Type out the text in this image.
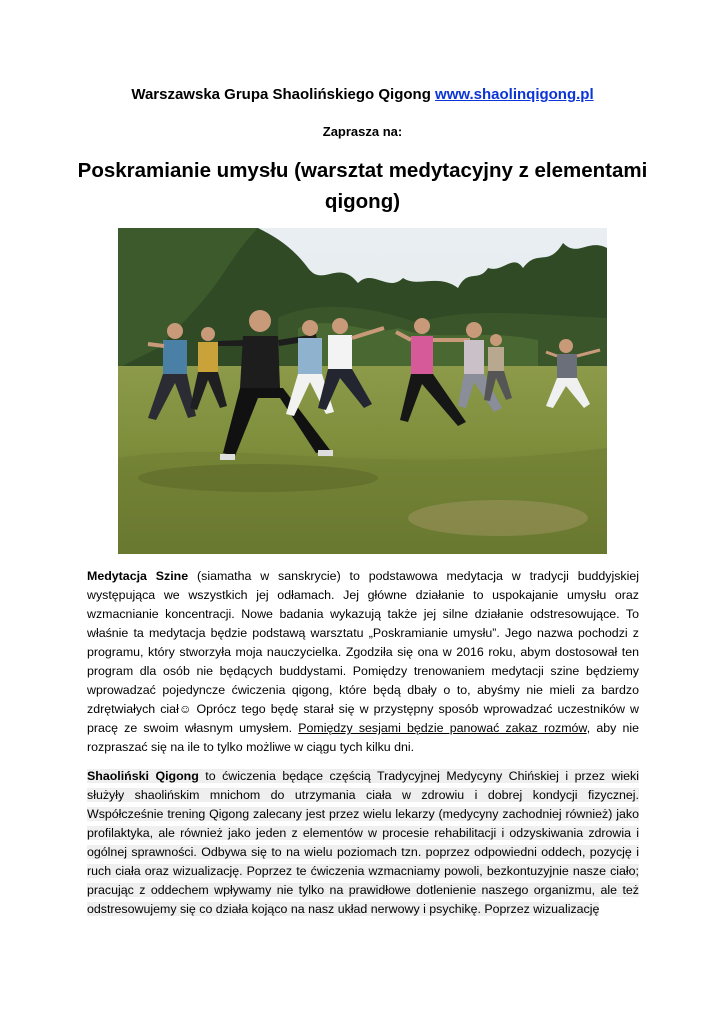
Warszawska Grupa Shaolińskiego Qigong www.shaolinqigong.pl
Zaprasza na:
Poskramianie umysłu (warsztat medytacyjny z elementami qigong)
Medytacja Szine (siamatha w sanskrycie) to podstawowa medytacja w tradycji buddyjskiej występująca we wszystkich jej odłamach. Jej główne działanie to uspokajanie umysłu oraz wzmacnianie koncentracji. Nowe badania wykazują także jej silne działanie odstresowujące. To właśnie ta medytacja będzie podstawą warsztatu „Poskramianie umysłu”. Jego nazwa pochodzi z programu, który stworzyła moja nauczycielka. Zgodziła się ona w 2016 roku, abym dostosował ten program dla osób nie będących buddystami. Pomiędzy trenowaniem medytacji szine będziemy wprowadzać pojedyncze ćwiczenia qigong, które będą dbały o to, abyśmy nie mieli za bardzo zdrętwiałych ciał☺ Oprócz tego będę starał się w przystępny sposób wprowadzać uczestników w pracę ze swoim własnym umysłem. Pomiędzy sesjami będzie panować zakaz rozmów, aby nie rozpraszać się na ile to tylko możliwe w ciągu tych kilku dni.
Shaoliński Qigong to ćwiczenia będące częścią Tradycyjnej Medycyny Chińskiej i przez wieki służyły shaolińskim mnichom do utrzymania ciała w zdrowiu i dobrej kondycji fizycznej. Współcześnie trening Qigong zalecany jest przez wielu lekarzy (medycyny zachodniej również) jako profilaktyka, ale również jako jeden z elementów w procesie rehabilitacji i odzyskiwania zdrowia i ogólnej sprawności. Odbywa się to na wielu poziomach tzn. poprzez odpowiedni oddech, pozycję i ruch ciała oraz wizualizację. Poprzez te ćwiczenia wzmacniamy powoli, bezkontuzyjnie nasze ciało; pracując z oddechem wpływamy nie tylko na prawidłowe dotlenienie naszego organizmu, ale też odstresowujemy się co działa kojąco na nasz układ nerwowy i psychikę. Poprzez wizualizację
